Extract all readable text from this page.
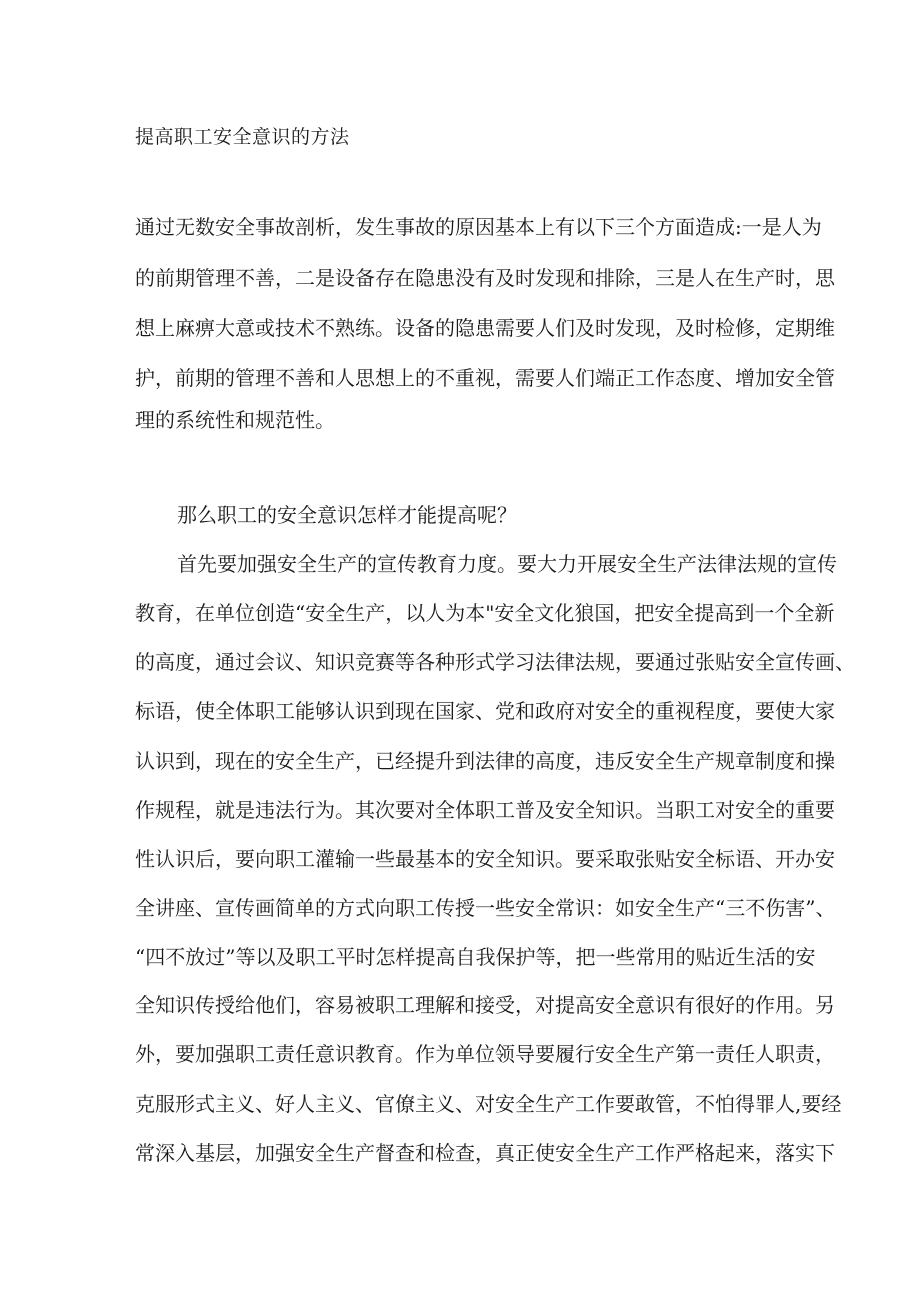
提高职工安全意识的方法

通过无数安全事故剖析，发生事故的原因基本上有以下三个方面造成:一是人为

的前期管理不善，二是设备存在隐患没有及时发现和排除，三是人在生产时，思

想上麻痹大意或技术不熟练。设备的隐患需要人们及时发现，及时检修，定期维

护，前期的管理不善和人思想上的不重视，需要人们端正工作态度、增加安全管

理的系统性和规范性。

那么职工的安全意识怎样才能提高呢？

首先要加强安全生产的宣传教育力度。要大力开展安全生产法律法规的宣传

教育，在单位创造“安全生产，以人为本"安全文化狼国，把安全提高到一个全新

的高度，通过会议、知识竞赛等各种形式学习法律法规，要通过张贴安全宣传画、

标语，使全体职工能够认识到现在国家、党和政府对安全的重视程度，要使大家

认识到，现在的安全生产，已经提升到法律的高度，违反安全生产规章制度和操

作规程，就是违法行为。其次要对全体职工普及安全知识。当职工对安全的重要

性认识后，要向职工灌输一些最基本的安全知识。要采取张贴安全标语、开办安

全讲座、宣传画简单的方式向职工传授一些安全常识：如安全生产“三不伤害”、

“四不放过”等以及职工平时怎样提高自我保护等，把一些常用的贴近生活的安

全知识传授给他们，容易被职工理解和接受，对提高安全意识有很好的作用。另

外，要加强职工责任意识教育。作为单位领导要履行安全生产第一责任人职责，

克服形式主义、好人主义、官僚主义、对安全生产工作要敢管，不怕得罪人,要经

常深入基层，加强安全生产督查和检查，真正使安全生产工作严格起来，落实下
